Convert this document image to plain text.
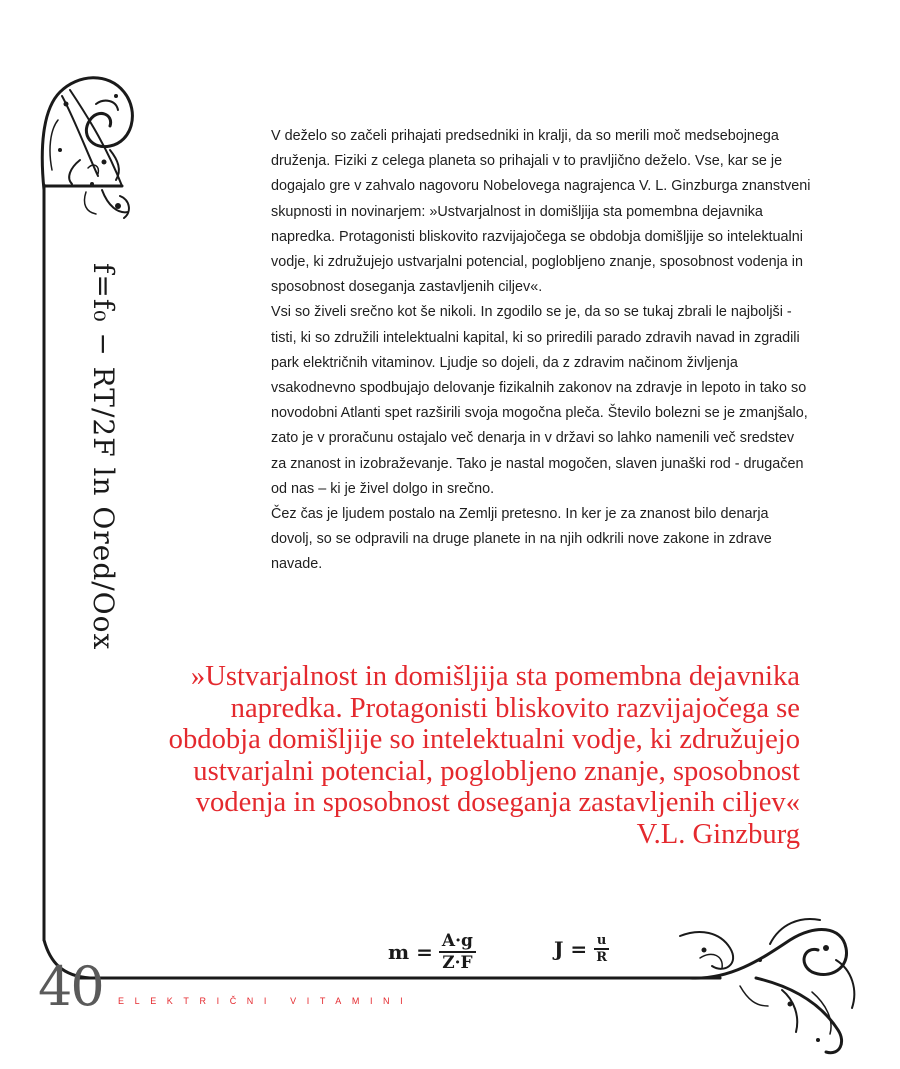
f=f₀ − RT/2F ln Ored/Oox

V deželo so začeli prihajati predsedniki in kralji, da so merili moč medsebojnega druženja. Fiziki z celega planeta so prihajali v to pravljično deželo. Vse, kar se je dogajalo gre v zahvalo nagovoru Nobelovega nagrajenca V. L. Ginzburga znanstveni skupnosti in novinarjem: »Ustvarjalnost in domišljija sta pomembna dejavnika napredka. Protagonisti bliskovito razvijajočega se obdobja domišljije so intelektualni vodje, ki združujejo ustvarjalni potencial, poglobljeno znanje, sposobnost vodenja in sposobnost doseganja zastavljenih ciljev«.

Vsi so živeli srečno kot še nikoli. In zgodilo se je, da so se tukaj zbrali le najboljši - tisti, ki so združili intelektualni kapital, ki so priredili parado zdravih navad in zgradili park električnih vitaminov. Ljudje so dojeli, da z zdravim načinom življenja vsakodnevno spodbujajo delovanje fizikalnih zakonov na zdravje in lepoto in tako so novodobni Atlanti spet razširili svoja mogočna pleča. Število bolezni se je zmanjšalo, zato je v proračunu ostajalo več denarja in v državi so lahko namenili več sredstev za znanost in izobraževanje. Tako je nastal mogočen, slaven junaški rod - drugačen od nas – ki je živel dolgo in srečno.

Čez čas je ljudem postalo na Zemlji pretesno. In ker je za znanost bilo denarja dovolj, so se odpravili na druge planete in na njih odkrili nove zakone in zdrave navade.

»Ustvarjalnost in domišljija sta pomembna dejavnika napredka. Protagonisti bliskovito razvijajočega se obdobja domišljije so intelektualni vodje, ki združujejo ustvarjalni potencial, poglobljeno znanje, sposobnost vodenja in sposobnost doseganja zastavljenih ciljev«

V.L. Ginzburg

$m = \frac{A\cdot g}{Z\cdot F}$	$J = \frac{u}{R}$
40 ELEKTRIČNI VITAMINI
